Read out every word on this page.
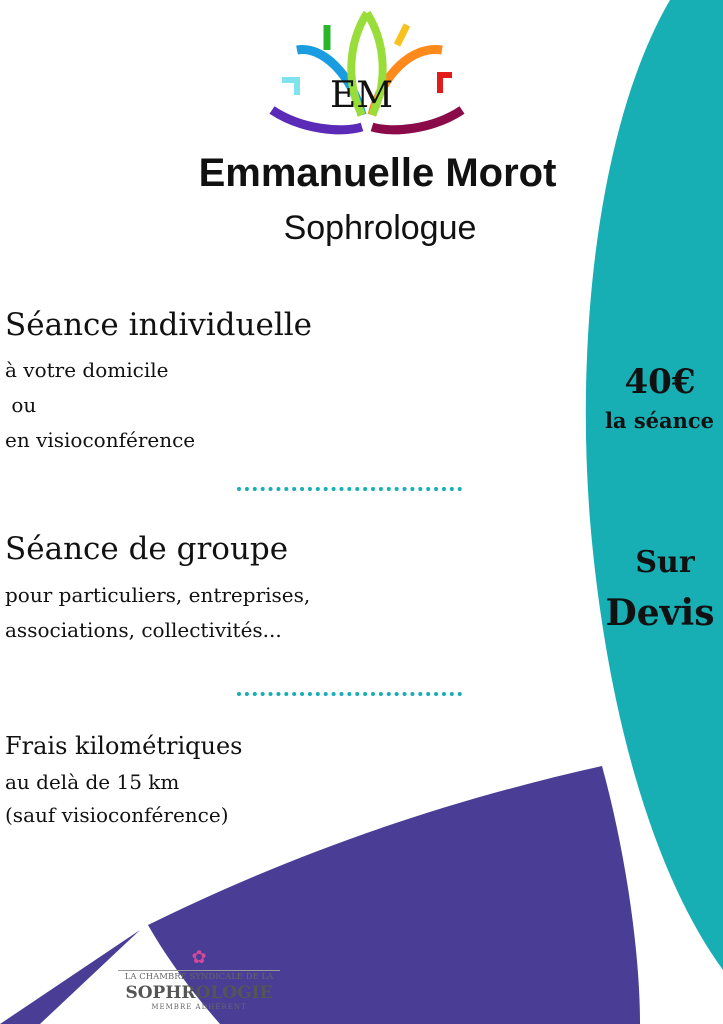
EM
Emmanuelle Morot
Sophrologue
Séance individuelle
à votre domicile
ou
en visioconférence
40€
la séance
Séance de groupe
pour particuliers, entreprises,
associations, collectivités...
Sur
Devis
Frais kilométriques
au delà de 15 km
(sauf visioconférence)
✿
LA CHAMBRE SYNDICALE DE LA
SOPHROLOGIE
MEMBRE ADHÉRENT
